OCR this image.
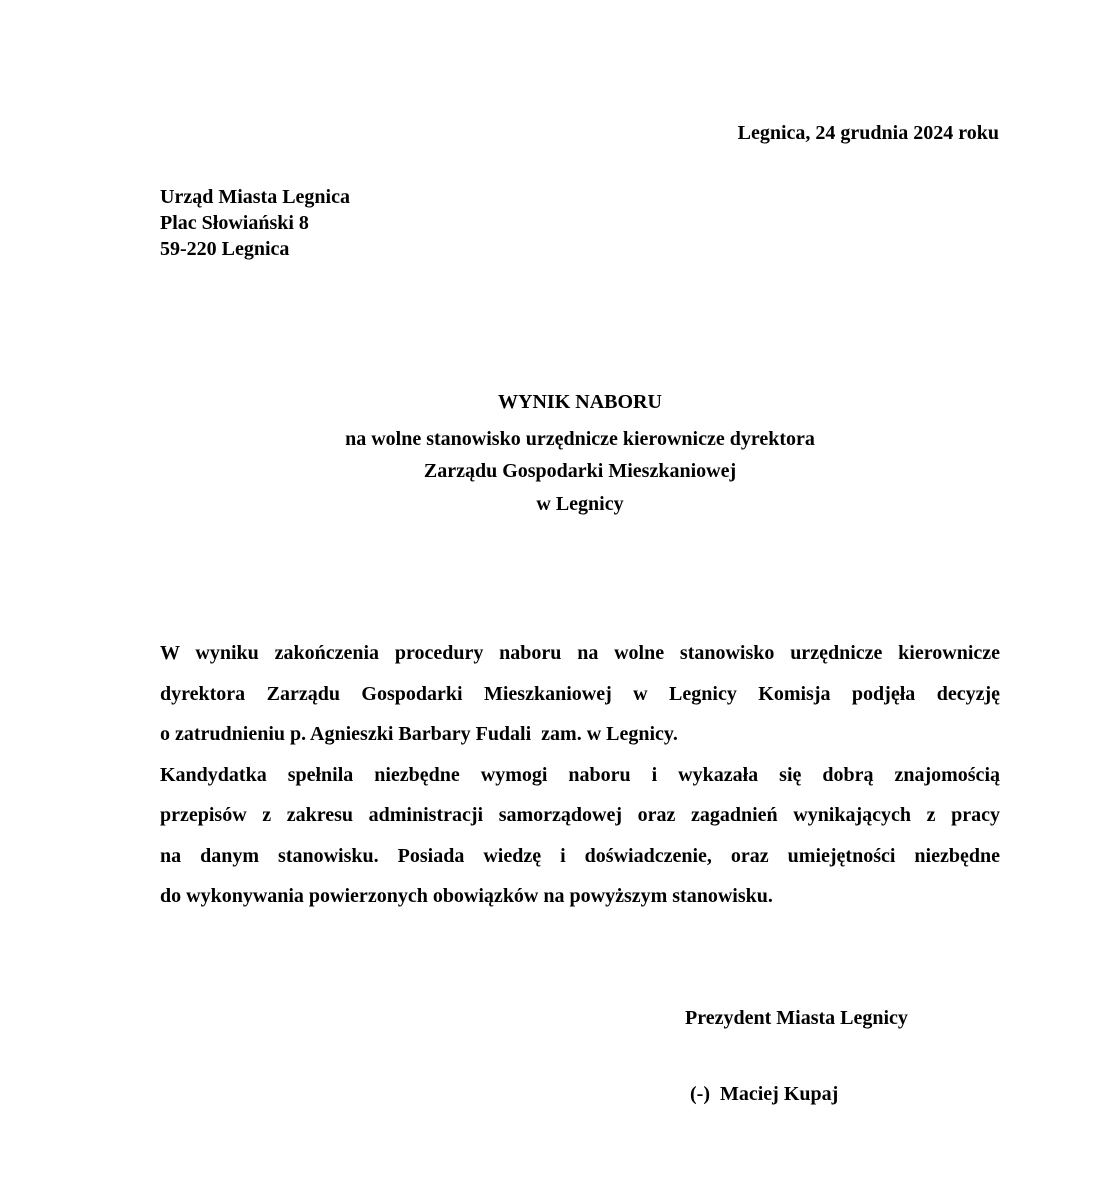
Legnica, 24 grudnia 2024 roku
Urząd Miasta Legnica
Plac Słowiański 8
59-220 Legnica
WYNIK NABORU
na wolne stanowisko urzędnicze kierownicze dyrektora
Zarządu Gospodarki Mieszkaniowej
w Legnicy
W wyniku zakończenia procedury naboru na wolne stanowisko urzędnicze kierownicze
dyrektora Zarządu Gospodarki Mieszkaniowej w Legnicy Komisja podjęła decyzję
o zatrudnieniu p. Agnieszki Barbary Fudali  zam. w Legnicy.
Kandydatka spełnila niezbędne wymogi naboru i wykazała się dobrą znajomością
przepisów z zakresu administracji samorządowej oraz zagadnień wynikających z pracy
na danym stanowisku. Posiada wiedzę i doświadczenie, oraz umiejętności niezbędne
do wykonywania powierzonych obowiązków na powyższym stanowisku.
Prezydent Miasta Legnicy
(-)  Maciej Kupaj
